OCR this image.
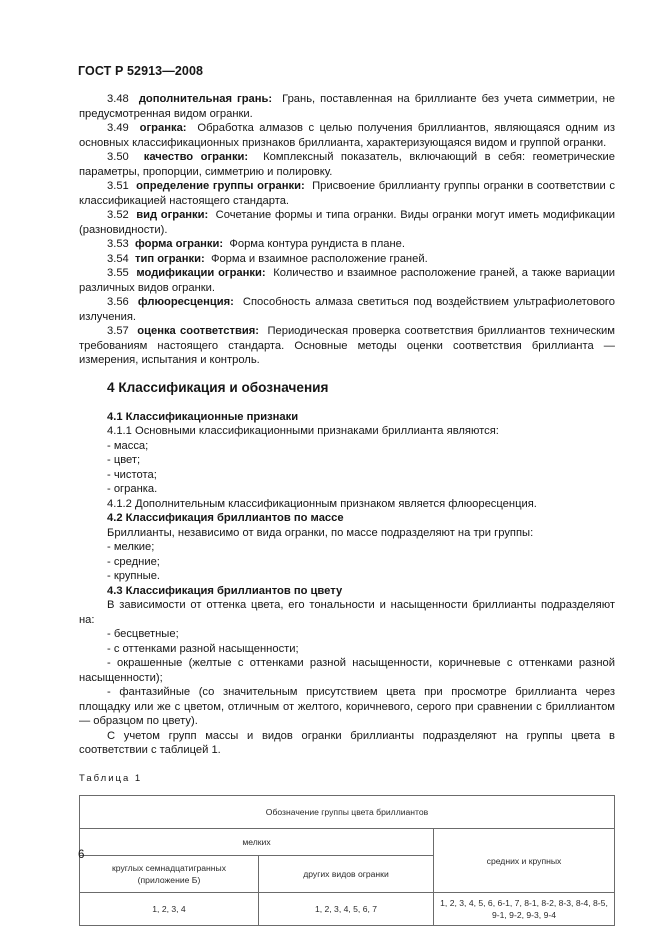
ГОСТ Р 52913—2008

3.48 дополнительная грань: Грань, поставленная на бриллианте без учета симметрии, не предусмотренная видом огранки.

3.49 огранка: Обработка алмазов с целью получения бриллиантов, являющаяся одним из основных классификационных признаков бриллианта, характеризующаяся видом и группой огранки.

3.50 качество огранки: Комплексный показатель, включающий в себя: геометрические параметры, пропорции, симметрию и полировку.

3.51 определение группы огранки: Присвоение бриллианту группы огранки в соответствии с классификацией настоящего стандарта.

3.52 вид огранки: Сочетание формы и типа огранки. Виды огранки могут иметь модификации (разновидности).

3.53 форма огранки: Форма контура рундиста в плане.

3.54 тип огранки: Форма и взаимное расположение граней.

3.55 модификации огранки: Количество и взаимное расположение граней, а также вариации различных видов огранки.

3.56 флюоресценция: Способность алмаза светиться под воздействием ультрафиолетового излучения.

3.57 оценка соответствия: Периодическая проверка соответствия бриллиантов техническим требованиям настоящего стандарта. Основные методы оценки соответствия бриллианта — измерения, испытания и контроль.

4 Классификация и обозначения

4.1 Классификационные признаки

4.1.1 Основными классификационными признаками бриллианта являются:

- масса;

- цвет;

- чистота;

- огранка.

4.1.2 Дополнительным классификационным признаком является флюоресценция.

4.2 Классификация бриллиантов по массе

Бриллианты, независимо от вида огранки, по массе подразделяют на три группы:

- мелкие;

- средние;

- крупные.

4.3 Классификация бриллиантов по цвету

В зависимости от оттенка цвета, его тональности и насыщенности бриллианты подразделяют на:

- бесцветные;

- с оттенками разной насыщенности;

- окрашенные (желтые с оттенками разной насыщенности, коричневые с оттенками разной насыщенности);

- фантазийные (со значительным присутствием цвета при просмотре бриллианта через площадку или же с цветом, отличным от желтого, коричневого, серого при сравнении с бриллиантом — образцом по цвету).

С учетом групп массы и видов огранки бриллианты подразделяют на группы цвета в соответствии с таблицей 1.

Таблица 1

Обозначение группы цвета бриллиантов		
мелких		средних и крупных
круглых семнадцатигранных (приложение Б)	других видов огранки	
1, 2, 3, 4	1, 2, 3, 4, 5, 6, 7	1, 2, 3, 4, 5, 6, 6-1, 7, 8-1, 8-2, 8-3, 8-4, 8-5, 9-1, 9-2, 9-3, 9-4
6
